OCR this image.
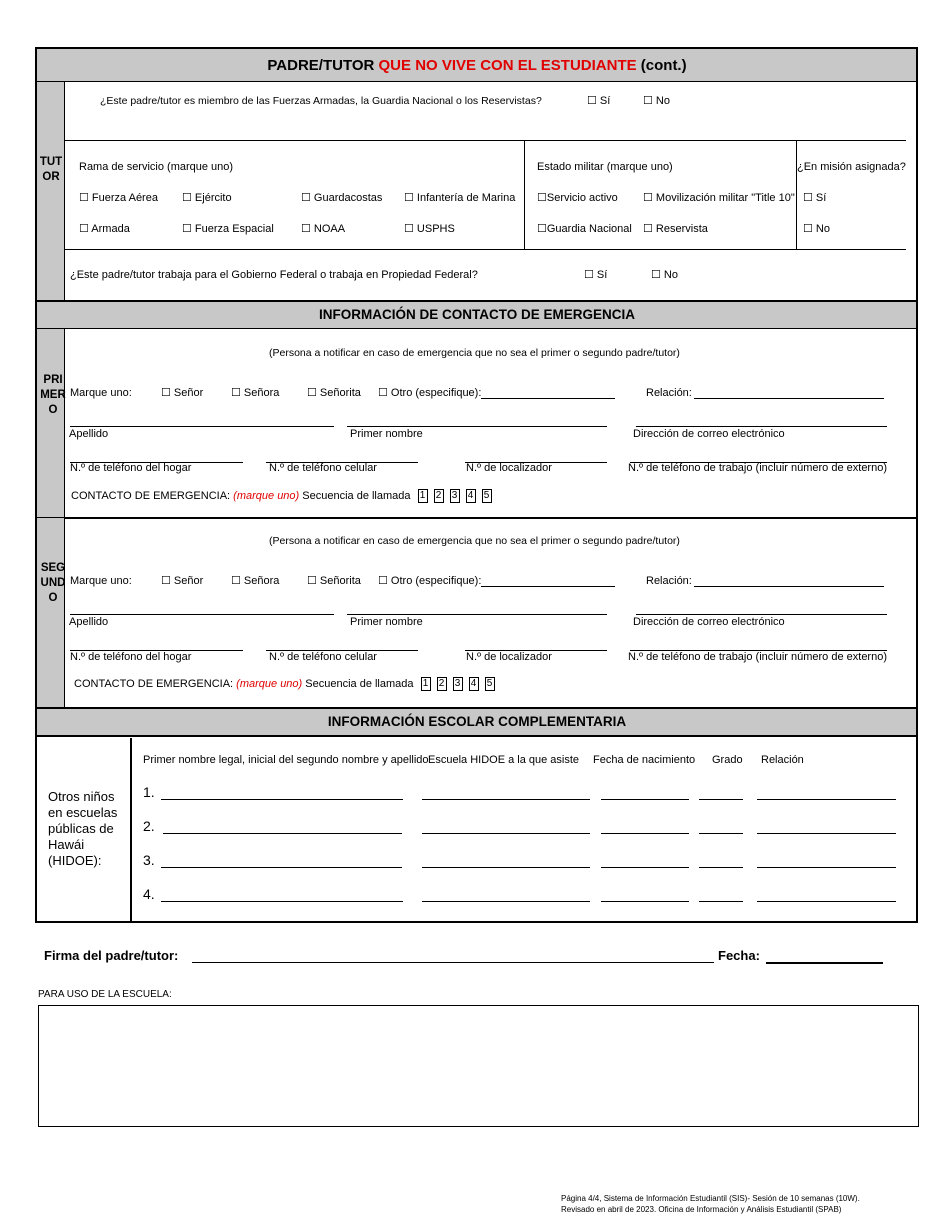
PADRE/TUTOR QUE NO VIVE CON EL ESTUDIANTE (cont.)
TUTOR
¿Este padre/tutor es miembro de las Fuerzas Armadas, la Guardia Nacional o los Reservistas?	☐ Sí	☐ No
Rama de servicio (marque uno)
☐ Fuerza Aérea ☐ Ejército	☐ Guardacostas ☐ Infantería de Marina
☐ Armada	☐ Fuerza Espacial ☐ NOAA	☐ USPHS
Estado militar (marque uno)
☐Servicio activo ☐ Movilización militar "Title 10"
☐Guardia Nacional ☐ Reservista
¿En misión asignada?
☐ Sí
☐ No
¿Este padre/tutor trabaja para el Gobierno Federal o trabaja en Propiedad Federal?	☐ Sí	☐ No
INFORMACIÓN DE CONTACTO DE EMERGENCIA
PRIMERO
(Persona a notificar en caso de emergencia que no sea el primer o segundo padre/tutor)
Marque uno:	☐ Señor	☐ Señora	☐ Señorita ☐ Otro (especifique):	Relación:
Apellido	Primer nombre	Dirección de correo electrónico
N.º de teléfono del hogar	N.º de teléfono celular	N.º de localizador	N.º de teléfono de trabajo (incluir número de externo)
CONTACTO DE EMERGENCIA: (marque uno) Secuencia de llamada 1 2 3 4 5
SEGUNDO
(Persona a notificar en caso de emergencia que no sea el primer o segundo padre/tutor)
Marque uno:	☐ Señor	☐ Señora	☐ Señorita ☐ Otro (especifique):	Relación:
Apellido	Primer nombre	Dirección de correo electrónico
N.º de teléfono del hogar	N.º de teléfono celular	N.º de localizador	N.º de teléfono de trabajo (incluir número de externo)
CONTACTO DE EMERGENCIA: (marque uno) Secuencia de llamada 1 2 3 4 5
INFORMACIÓN ESCOLAR COMPLEMENTARIA
Otros niños en escuelas públicas de Hawái (HIDOE):
Primer nombre legal, inicial del segundo nombre y apellido Escuela HIDOE a la que asiste Fecha de nacimiento Grado Relación
1.
2.
3.
4.
Firma del padre/tutor:	Fecha:
PARA USO DE LA ESCUELA:
Página 4/4, Sistema de Información Estudiantil (SIS)- Sesión de 10 semanas (10W).
Revisado en abril de 2023. Oficina de Información y Análisis Estudiantil (SPAB)
